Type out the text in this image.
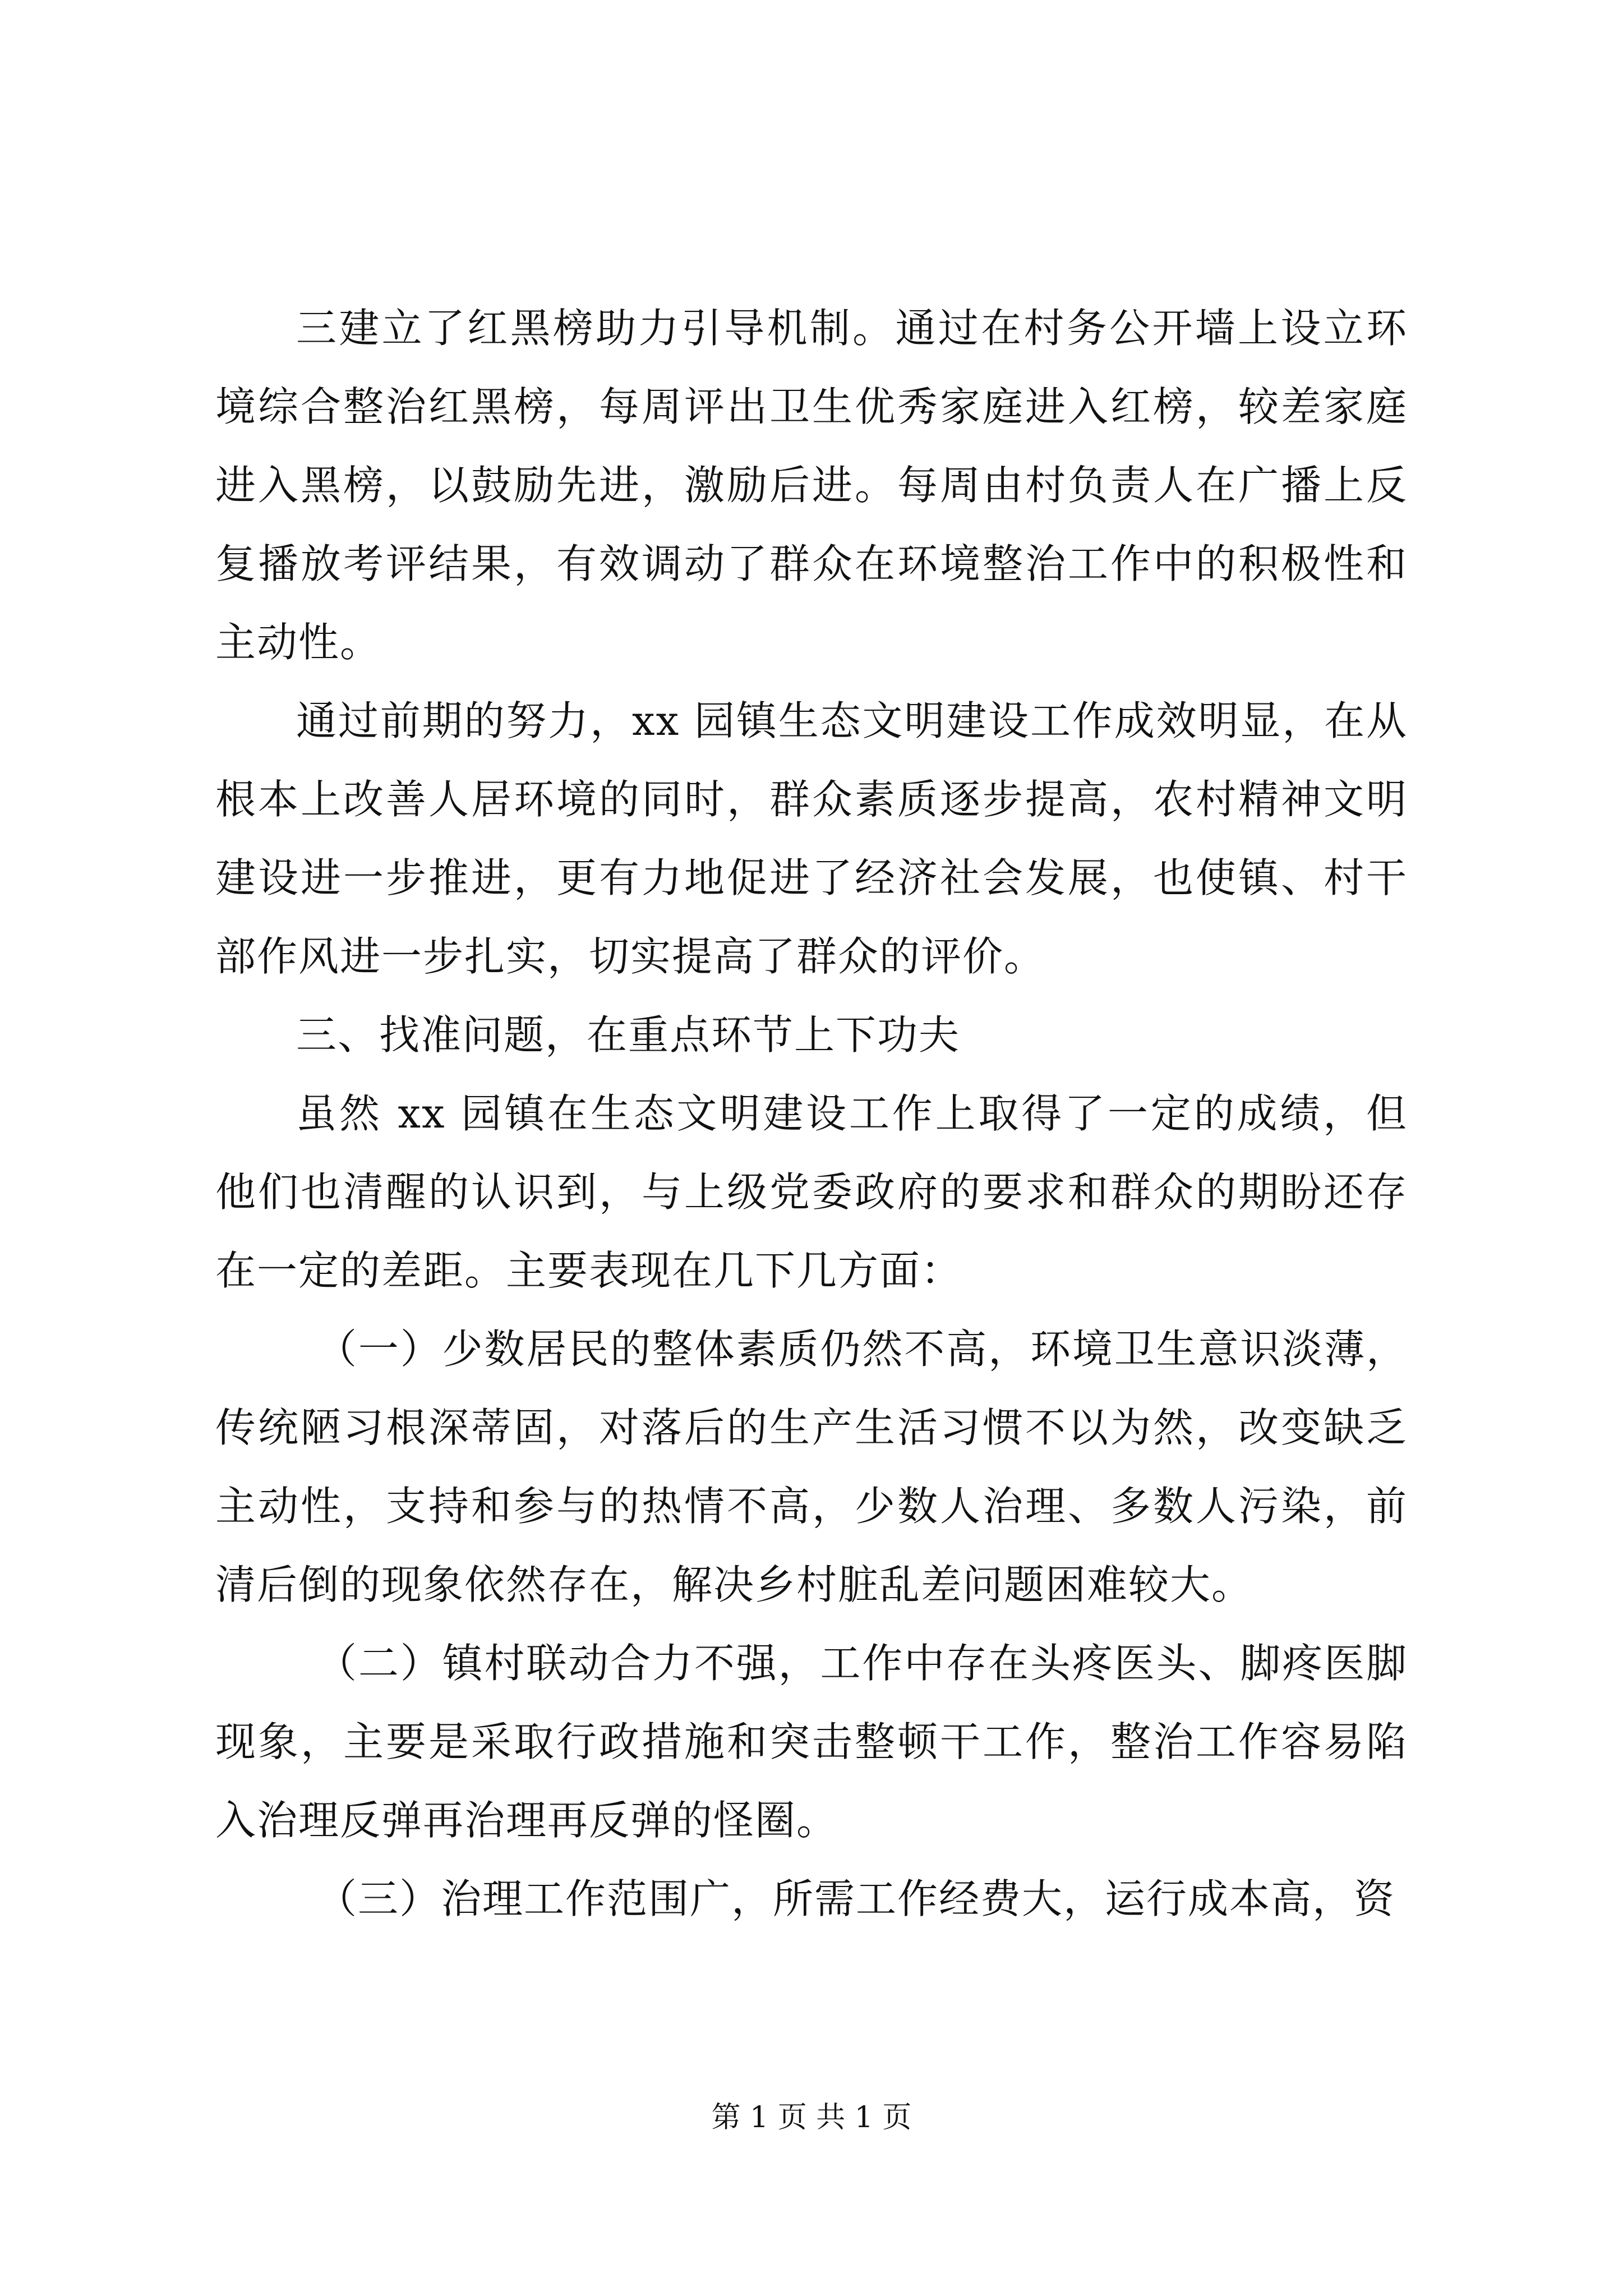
三建立了红黑榜助力引导机制。通过在村务公开墙上设立环境综合整治红黑榜，每周评出卫生优秀家庭进入红榜，较差家庭进入黑榜，以鼓励先进，激励后进。每周由村负责人在广播上反复播放考评结果，有效调动了群众在环境整治工作中的积极性和主动性。

通过前期的努力，xx 园镇生态文明建设工作成效明显，在从根本上改善人居环境的同时，群众素质逐步提高，农村精神文明建设进一步推进，更有力地促进了经济社会发展，也使镇、村干部作风进一步扎实，切实提高了群众的评价。

三、找准问题，在重点环节上下功夫

虽然 xx 园镇在生态文明建设工作上取得了一定的成绩，但他们也清醒的认识到，与上级党委政府的要求和群众的期盼还存在一定的差距。主要表现在几下几方面：

（一）少数居民的整体素质仍然不高，环境卫生意识淡薄，传统陋习根深蒂固，对落后的生产生活习惯不以为然，改变缺乏主动性，支持和参与的热情不高，少数人治理、多数人污染，前清后倒的现象依然存在，解决乡村脏乱差问题困难较大。

（二）镇村联动合力不强，工作中存在头疼医头、脚疼医脚现象，主要是采取行政措施和突击整顿干工作，整治工作容易陷入治理反弹再治理再反弹的怪圈。

（三）治理工作范围广，所需工作经费大，运行成本高，资

第 1 页 共 1 页
